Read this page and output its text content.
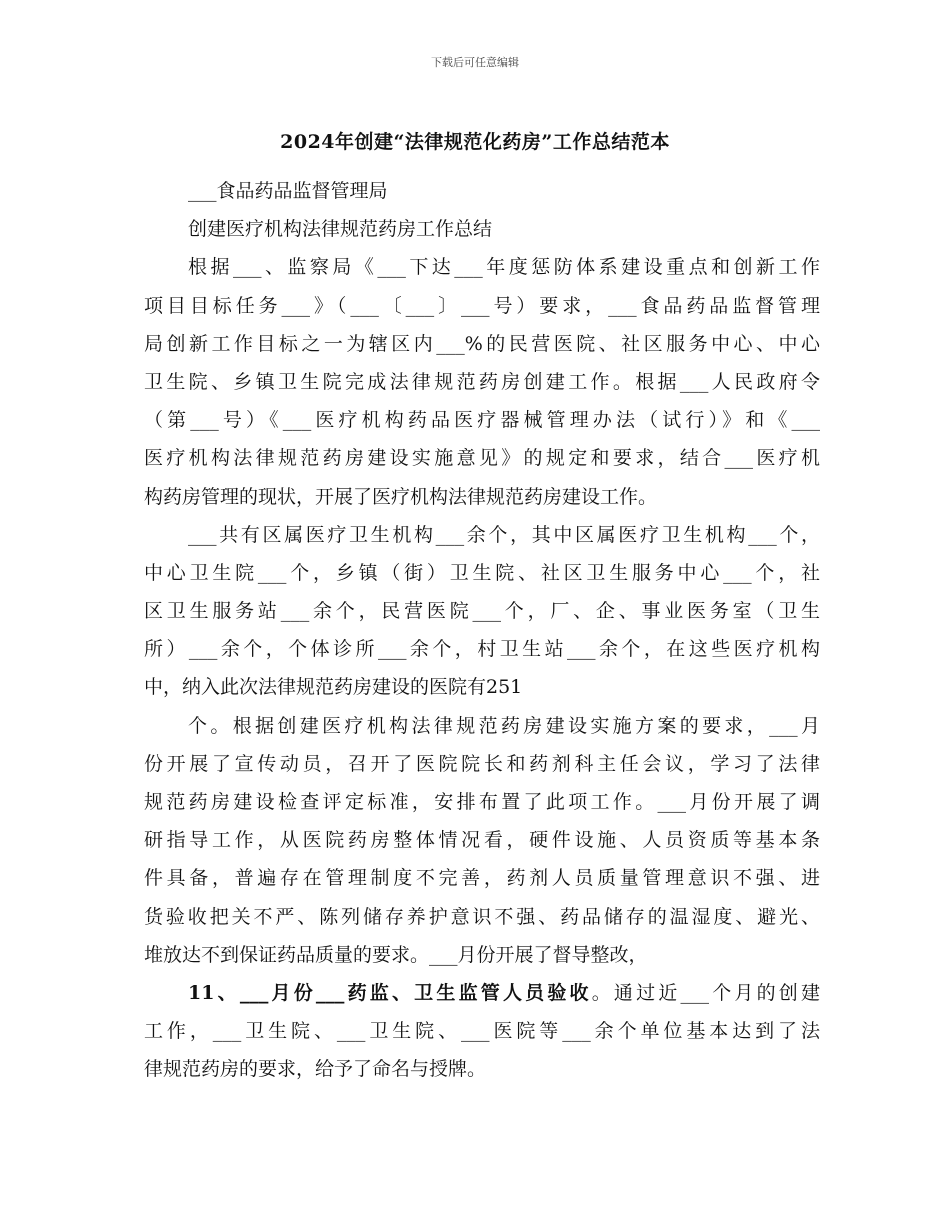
下载后可任意编辑
2024年创建“法律规范化药房”工作总结范本
___食品药品监督管理局
创建医疗机构法律规范药房工作总结
根据___、监察局《___下达___年度惩防体系建设重点和创新工作
项目目标任务___》（___〔___〕___号）要求，___食品药品监督管理
局创新工作目标之一为辖区内___%的民营医院、社区服务中心、中心
卫生院、乡镇卫生院完成法律规范药房创建工作。根据___人民政府令
（第___号）《___医疗机构药品医疗器械管理办法（试行）》和《___
医疗机构法律规范药房建设实施意见》的规定和要求，结合___医疗机
构药房管理的现状，开展了医疗机构法律规范药房建设工作。
___共有区属医疗卫生机构___余个，其中区属医疗卫生机构___个，
中心卫生院___个，乡镇（街）卫生院、社区卫生服务中心___个，社
区卫生服务站___余个，民营医院___个，厂、企、事业医务室（卫生
所）___余个，个体诊所___余个，村卫生站___余个，在这些医疗机构
中，纳入此次法律规范药房建设的医院有251
个。根据创建医疗机构法律规范药房建设实施方案的要求，___月
份开展了宣传动员，召开了医院院长和药剂科主任会议，学习了法律
规范药房建设检查评定标准，安排布置了此项工作。___月份开展了调
研指导工作，从医院药房整体情况看，硬件设施、人员资质等基本条
件具备，普遍存在管理制度不完善，药剂人员质量管理意识不强、进
货验收把关不严、陈列储存养护意识不强、药品储存的温湿度、避光、
堆放达不到保证药品质量的要求。___月份开展了督导整改，
11、___月份___药监、卫生监管人员验收。通过近___个月的创建
工作，___卫生院、___卫生院、___医院等___余个单位基本达到了法
律规范药房的要求，给予了命名与授牌。
